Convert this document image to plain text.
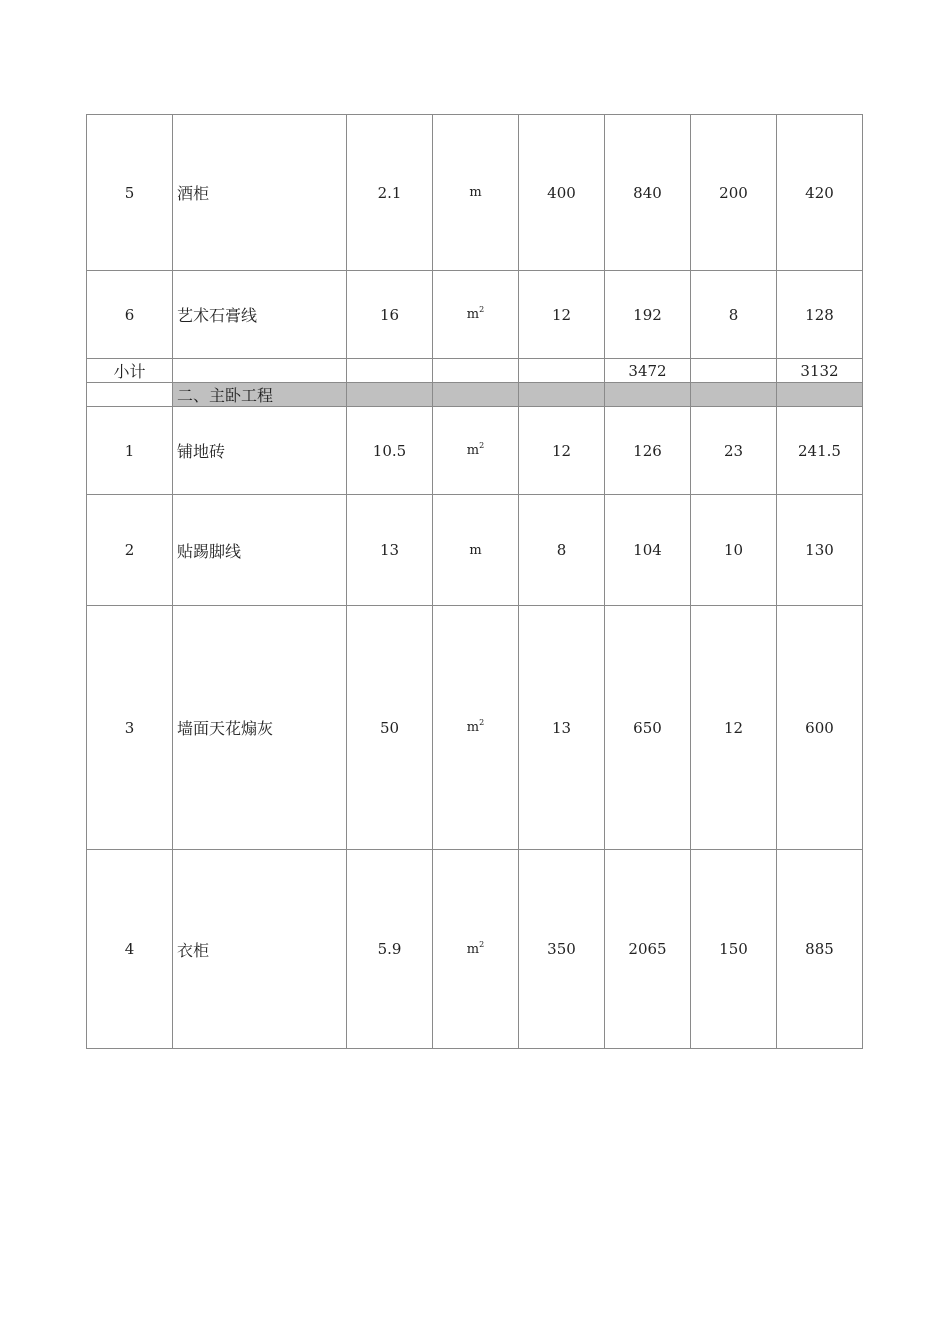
5	酒柜	2.1	m	400	840	200	420
6	艺术石膏线	16	$m^2$	12	192	8	128
小计					3472		3132
	二、主卧工程						
1	铺地砖	10.5	$m^2$	12	126	23	241.5
2	贴踢脚线	13	m	8	104	10	130
3	墙面天花煽灰	50	$m^2$	13	650	12	600
4	衣柜	5.9	$m^2$	350	2065	150	885
